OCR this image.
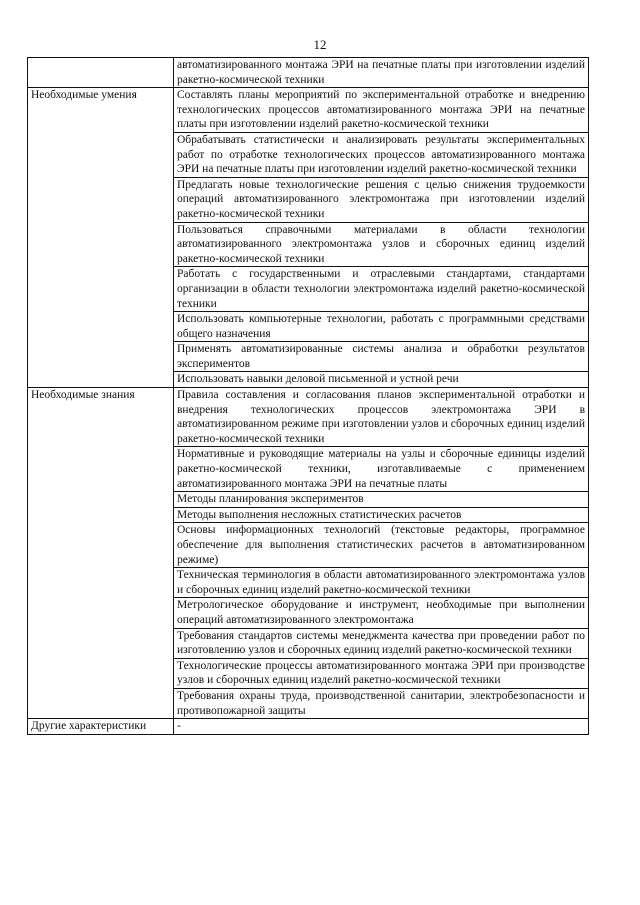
12
	автоматизированного монтажа ЭРИ на печатные платы при изготовлении изделий ракетно-космической техники
Необходимые умения	Составлять планы мероприятий по экспериментальной отработке и внедрению технологических процессов автоматизированного монтажа ЭРИ на печатные платы при изготовлении изделий ракетно-космической техники
	Обрабатывать статистически и анализировать результаты экспериментальных работ по отработке технологических процессов автоматизированного монтажа ЭРИ на печатные платы при изготовлении изделий ракетно-космической техники
	Предлагать новые технологические решения с целью снижения трудоемкости операций автоматизированного электромонтажа при изготовлении изделий ракетно-космической техники
	Пользоваться справочными материалами в области технологии автоматизированного электромонтажа узлов и сборочных единиц изделий ракетно-космической техники
	Работать с государственными и отраслевыми стандартами, стандартами организации в области технологии электромонтажа изделий ракетно-космической техники
	Использовать компьютерные технологии, работать с программными средствами общего назначения
	Применять автоматизированные системы анализа и обработки результатов экспериментов
	Использовать навыки деловой письменной и устной речи
Необходимые знания	Правила составления и согласования планов экспериментальной отработки и внедрения технологических процессов электромонтажа ЭРИ в автоматизированном режиме при изготовлении узлов и сборочных единиц изделий ракетно-космической техники
	Нормативные и руководящие материалы на узлы и сборочные единицы изделий ракетно-космической техники, изготавливаемые с применением автоматизированного монтажа ЭРИ на печатные платы
	Методы планирования экспериментов
	Методы выполнения несложных статистических расчетов
	Основы информационных технологий (текстовые редакторы, программное обеспечение для выполнения статистических расчетов в автоматизированном режиме)
	Техническая терминология в области автоматизированного электромонтажа узлов и сборочных единиц изделий ракетно-космической техники
	Метрологическое оборудование и инструмент, необходимые при выполнении операций автоматизированного электромонтажа
	Требования стандартов системы менеджмента качества при проведении работ по изготовлению узлов и сборочных единиц изделий ракетно-космической техники
	Технологические процессы автоматизированного монтажа ЭРИ при производстве узлов и сборочных единиц изделий ракетно-космической техники
	Требования охраны труда, производственной санитарии, электробезопасности и противопожарной защиты
Другие характеристики	-
